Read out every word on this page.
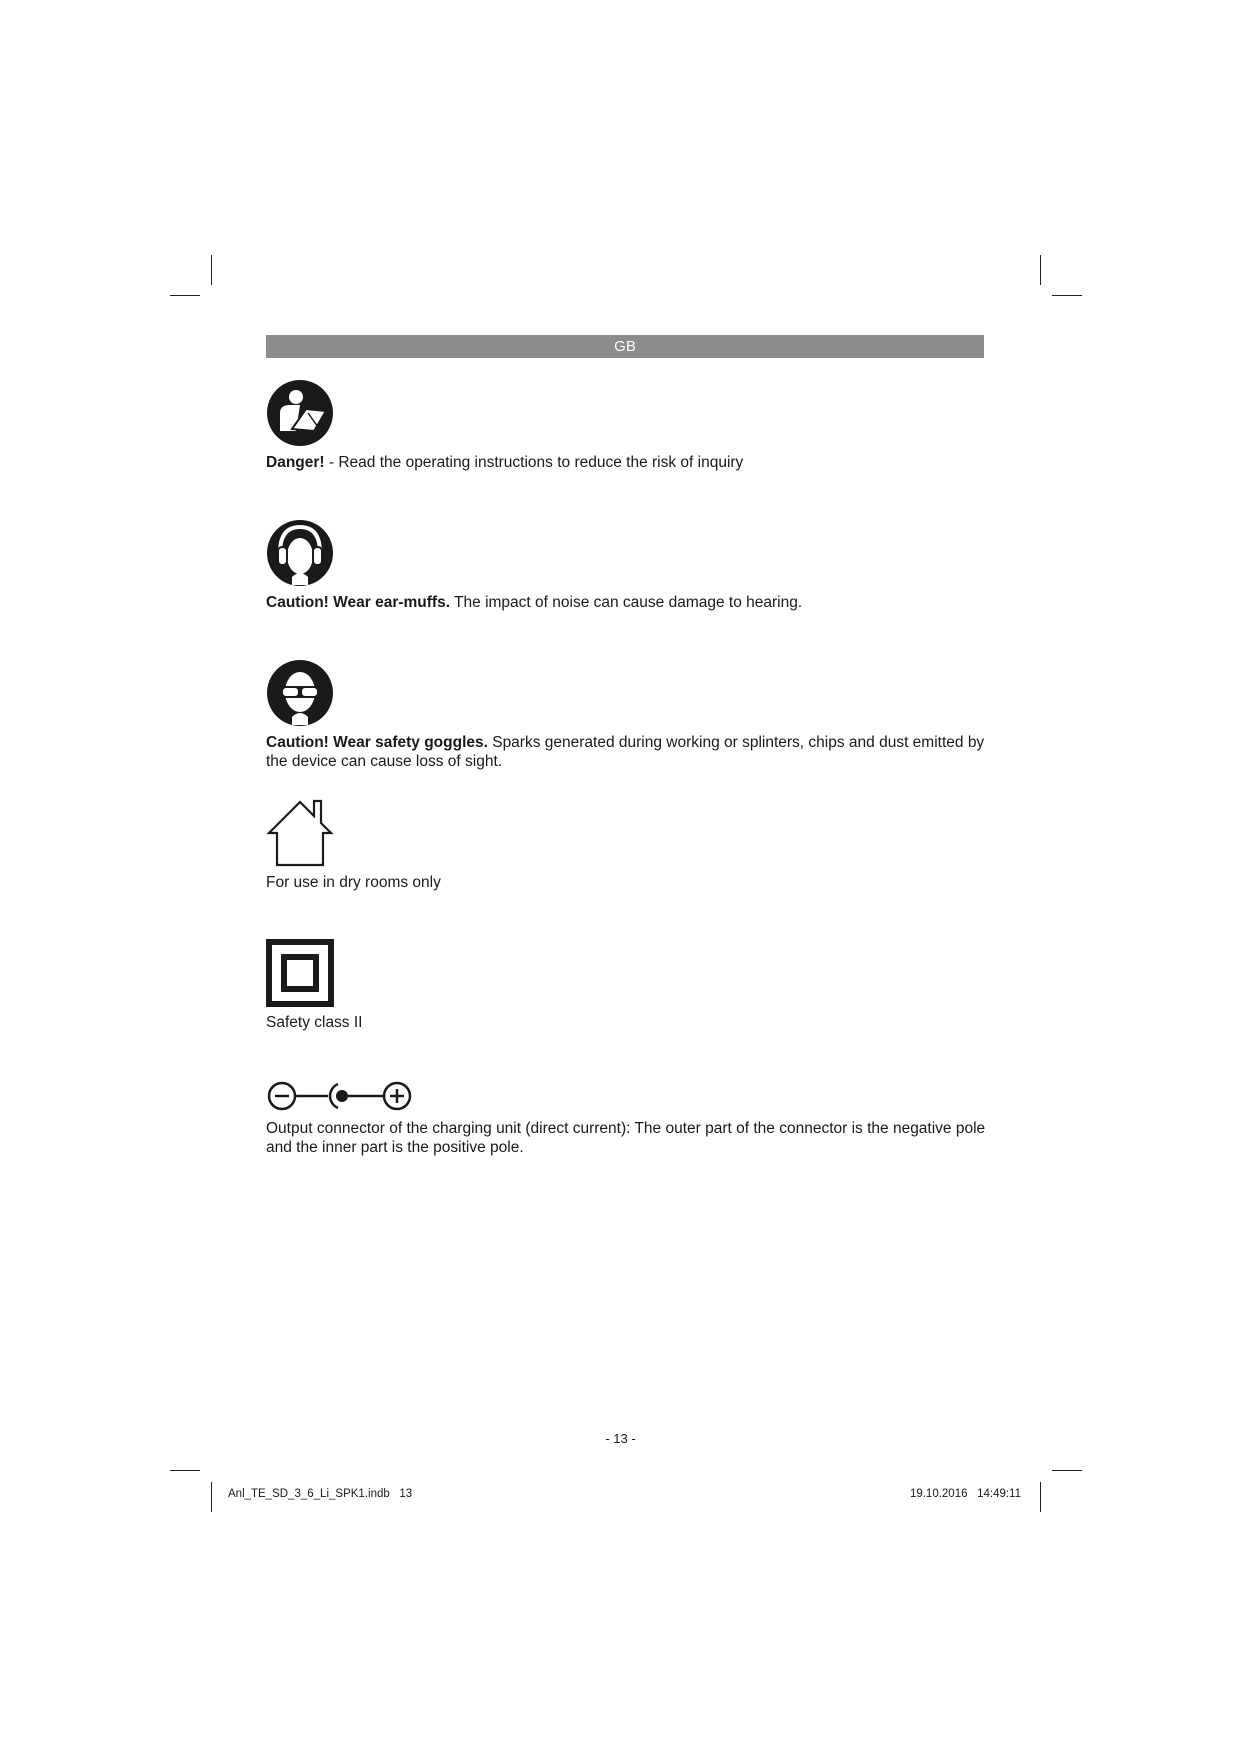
GB
Danger! - Read the operating instructions to reduce the risk of inquiry
Caution! Wear ear-muffs. The impact of noise can cause damage to hearing.
Caution! Wear safety goggles. Sparks generated during working or splinters, chips and dust emitted by the device can cause loss of sight.
For use in dry rooms only
Safety class II
Output connector of the charging unit (direct current): The outer part of the connector is the negative pole and the inner part is the positive pole.
- 13 -
Anl_TE_SD_3_6_Li_SPK1.indb   13	19.10.2016   14:49:11
